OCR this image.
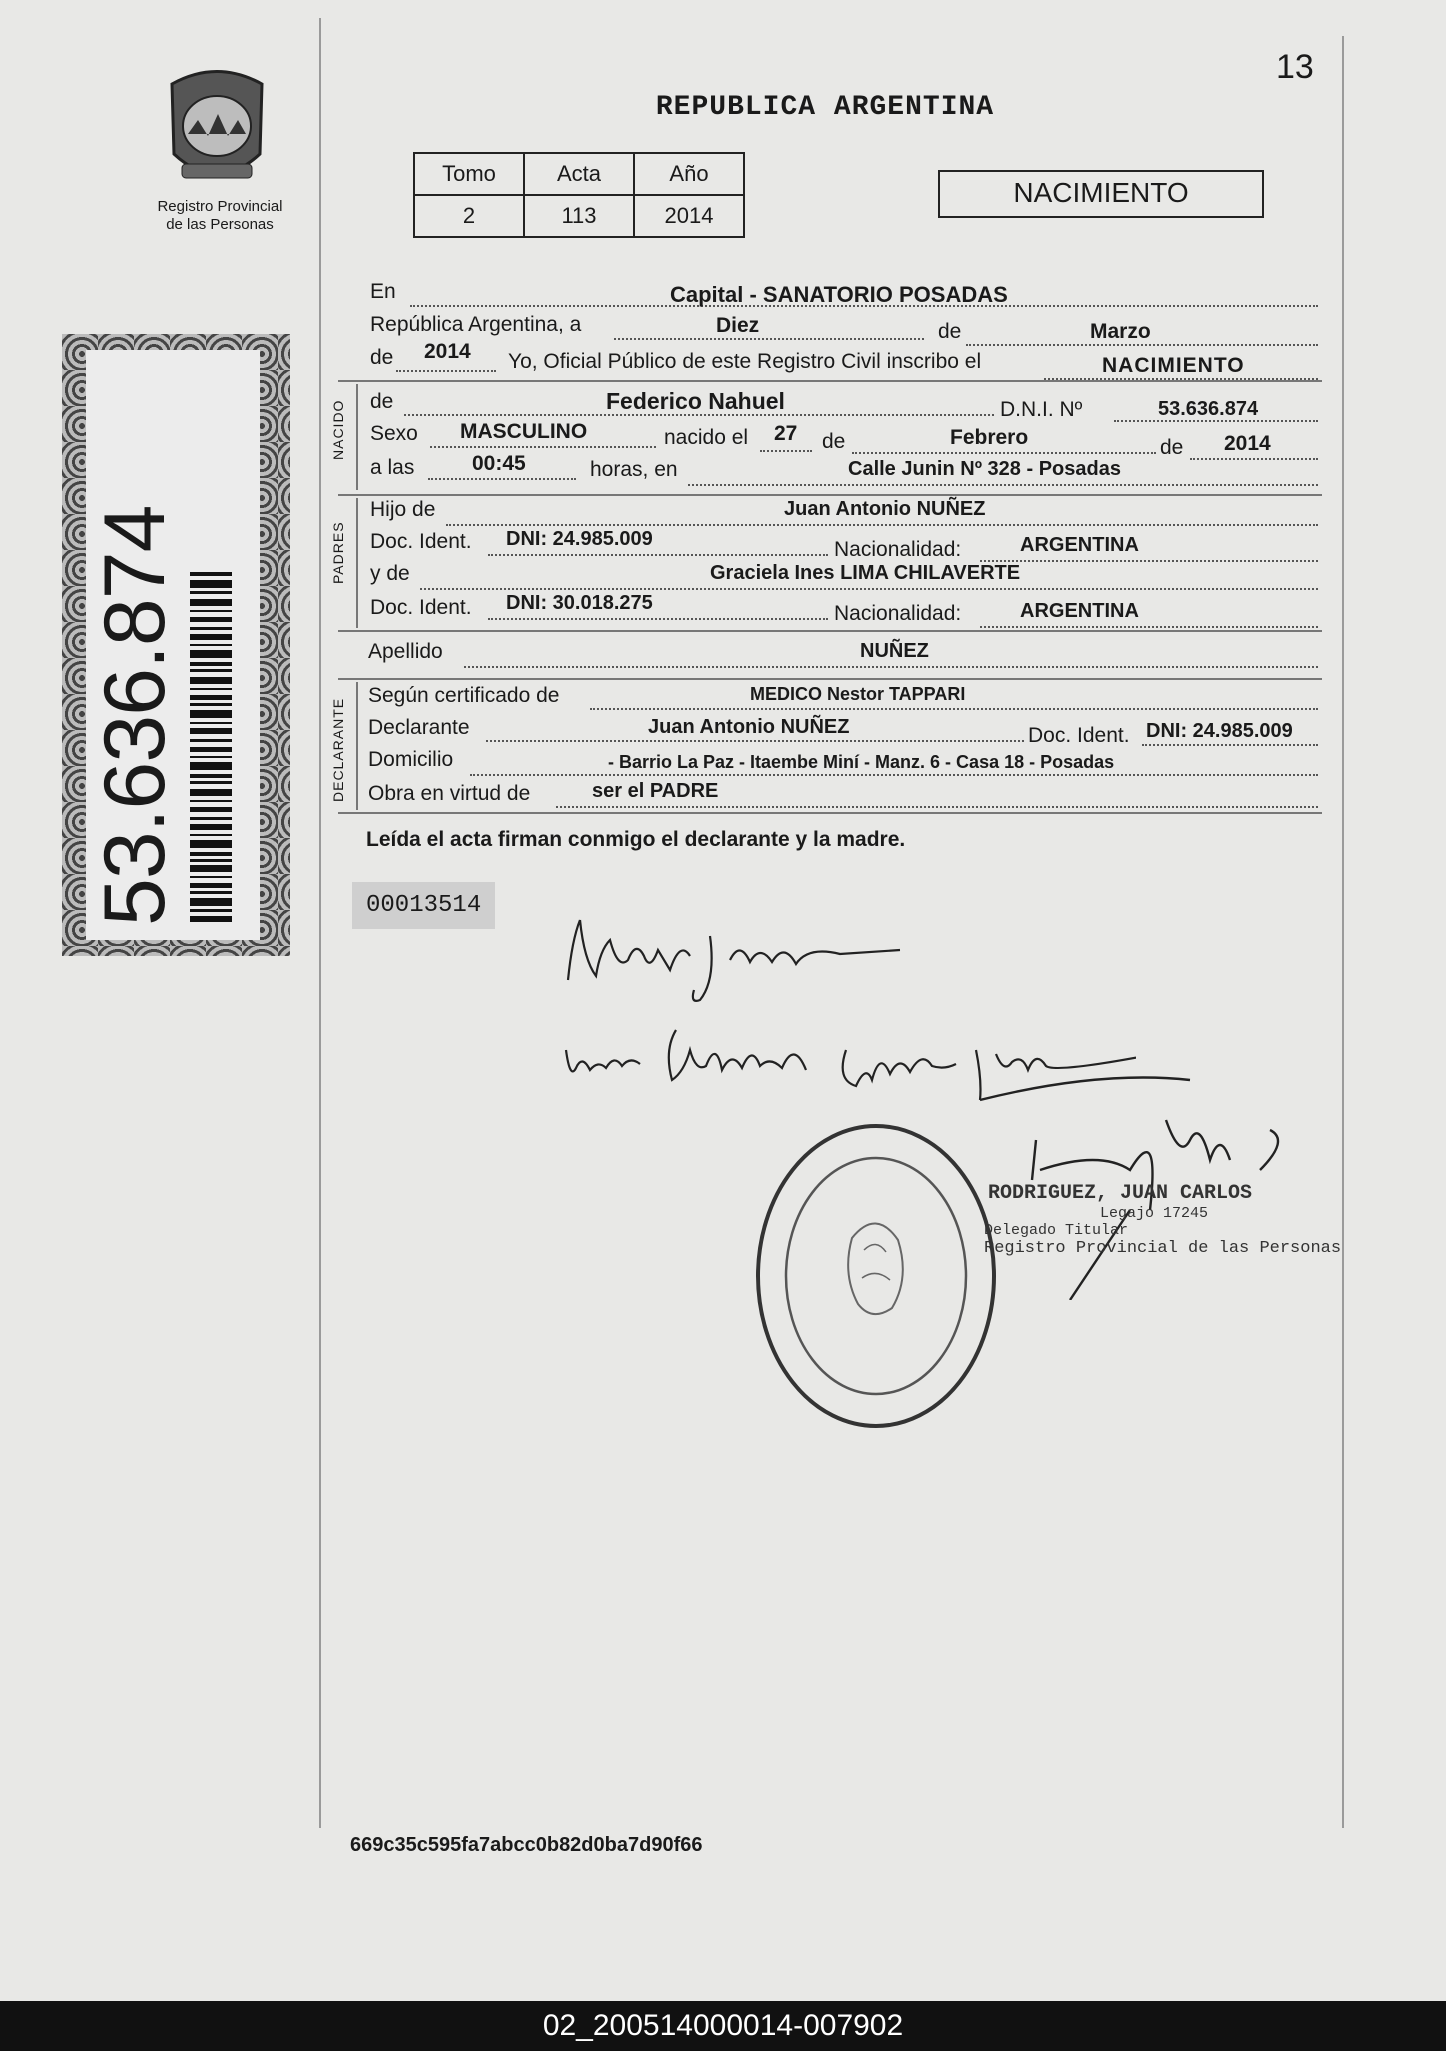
Registro Provincial
de las Personas
53.636.874
REPUBLICA ARGENTINA
13
Tomo	Acta	Año
2	113	2014
NACIMIENTO
En	Capital - SANATORIO POSADAS
República Argentina, a	Diez	de	Marzo
de 2014 Yo, Oficial Público de este Registro Civil inscribo el	NACIMIENTO
NACIDO de	Federico Nahuel	D.N.I. Nº	53.636.874
Sexo MASCULINO	nacido el 27 de	Febrero	de 2014
a las	00:45	horas, en	Calle Junin Nº 328 - Posadas
PADRES
Hijo de	Juan Antonio NUÑEZ
Doc. Ident. DNI: 24.985.009	Nacionalidad:	ARGENTINA
y de	Graciela Ines LIMA CHILAVERTE
Doc. Ident. DNI: 30.018.275	Nacionalidad:	ARGENTINA
Apellido	NUÑEZ
DECLARANTE
Según certificado de	MEDICO Nestor TAPPARI
Declarante	Juan Antonio NUÑEZ	Doc. Ident. DNI: 24.985.009
Domicilio	- Barrio La Paz - Itaembe Miní - Manz. 6 - Casa 18 - Posadas
Obra en virtud de	ser el PADRE
Leída el acta firman conmigo el declarante y la madre.
00013514
RODRIGUEZ, JUAN CARLOS
Legajo 17245
Delegado Titular
Registro Provincial de las Personas
669c35c595fa7abcc0b82d0ba7d90f66
02_200514000014-007902
